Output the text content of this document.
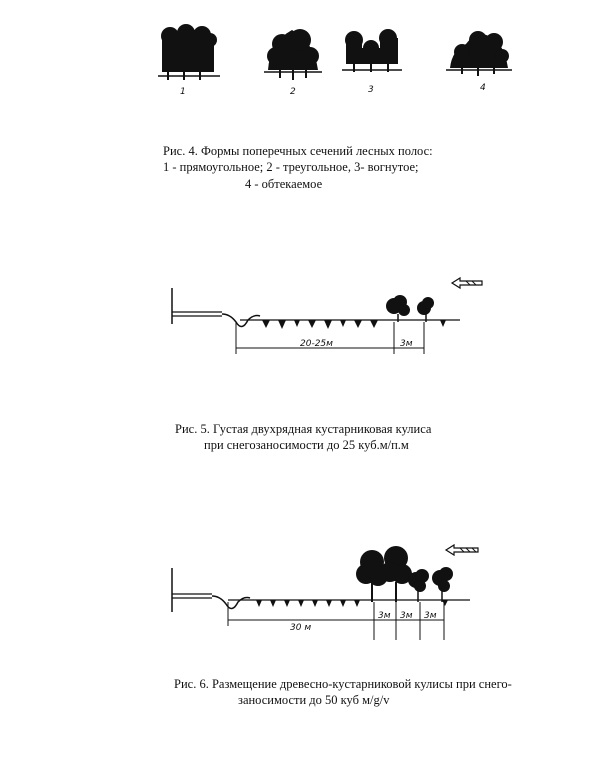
1	2	3	4
Рис. 4. Формы поперечных сечений лесных полос:
1 - прямоугольное; 2 - треугольное, 3- вогнутое;
4 - обтекаемое
20-25м	3м
Рис. 5. Густая двухрядная кустарниковая кулиса
при снегозаносимости до 25 куб.м/п.м
30 м
3м 3м 3м
Рис. 6. Размещение древесно-кустарниковой кулисы при снего-
заносимости до 50 куб м/g/v
